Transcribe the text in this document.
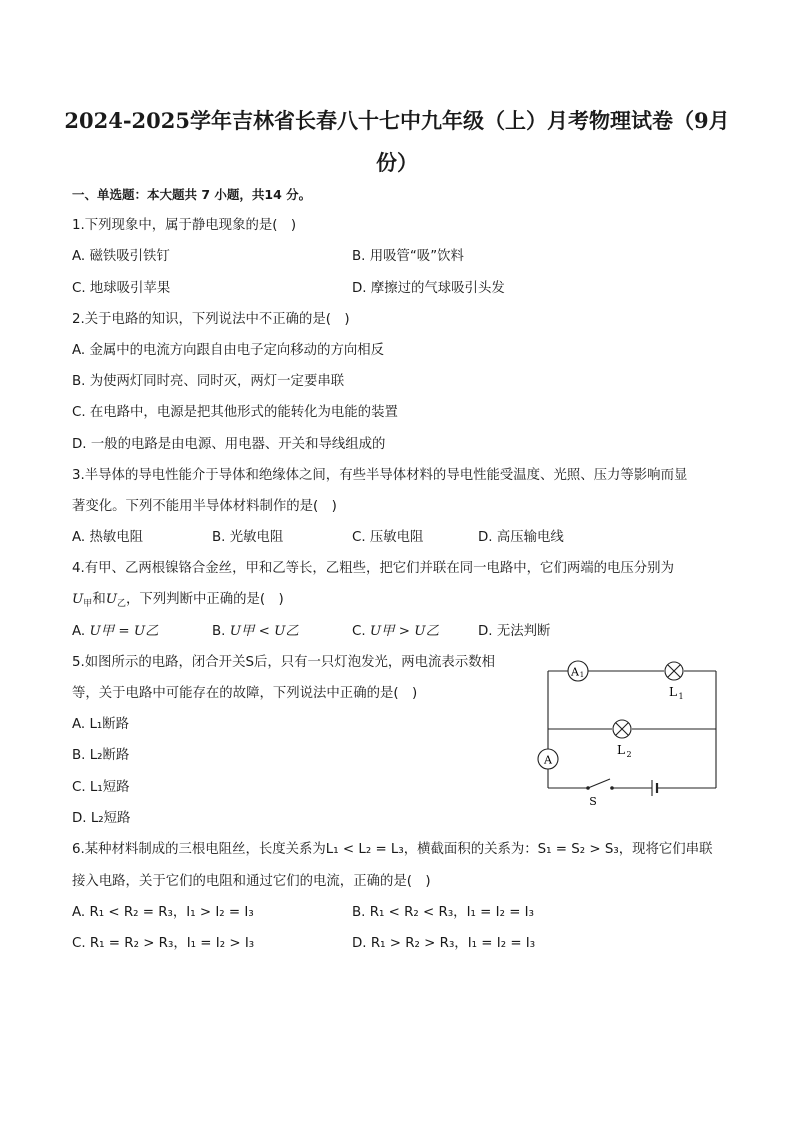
2024-2025学年吉林省长春八十七中九年级（上）月考物理试卷（9月
份）
一、单选题：本大题共 7 小题，共14 分。
1.下列现象中，属于静电现象的是(　)
A. 磁铁吸引铁钉	B. 用吸管“吸”饮料
C. 地球吸引苹果	D. 摩擦过的气球吸引头发
2.关于电路的知识，下列说法中不正确的是(　)
A. 金属中的电流方向跟自由电子定向移动的方向相反
B. 为使两灯同时亮、同时灭，两灯一定要串联
C. 在电路中，电源是把其他形式的能转化为电能的装置
D. 一般的电路是由电源、用电器、开关和导线组成的
3.半导体的导电性能介于导体和绝缘体之间，有些半导体材料的导电性能受温度、光照、压力等影响而显
著变化。下列不能用半导体材料制作的是(　)
A. 热敏电阻	B. 光敏电阻	C. 压敏电阻	D. 高压输电线
4.有甲、乙两根镍铬合金丝，甲和乙等长，乙粗些，把它们并联在同一电路中，它们两端的电压分别为
$U_甲$和$U_乙$，下列判断中正确的是(　)
A. U甲 = U乙	B. U甲 < U乙	C. U甲 > U乙	D. 无法判断
5.如图所示的电路，闭合开关S后，只有一只灯泡发光，两电流表示数相
等，关于电路中可能存在的故障，下列说法中正确的是(　)
A. L₁断路
B. L₂断路
C. L₁短路
D. L₂短路
A 1
L 1
L 2
A
S
6.某种材料制成的三根电阻丝，长度关系为L₁ < L₂ = L₃，横截面积的关系为：S₁ = S₂ > S₃，现将它们串联
接入电路，关于它们的电阻和通过它们的电流，正确的是(　)
A. R₁ < R₂ = R₃，I₁ > I₂ = I₃	B. R₁ < R₂ < R₃，I₁ = I₂ = I₃
C. R₁ = R₂ > R₃，I₁ = I₂ > I₃	D. R₁ > R₂ > R₃，I₁ = I₂ = I₃
